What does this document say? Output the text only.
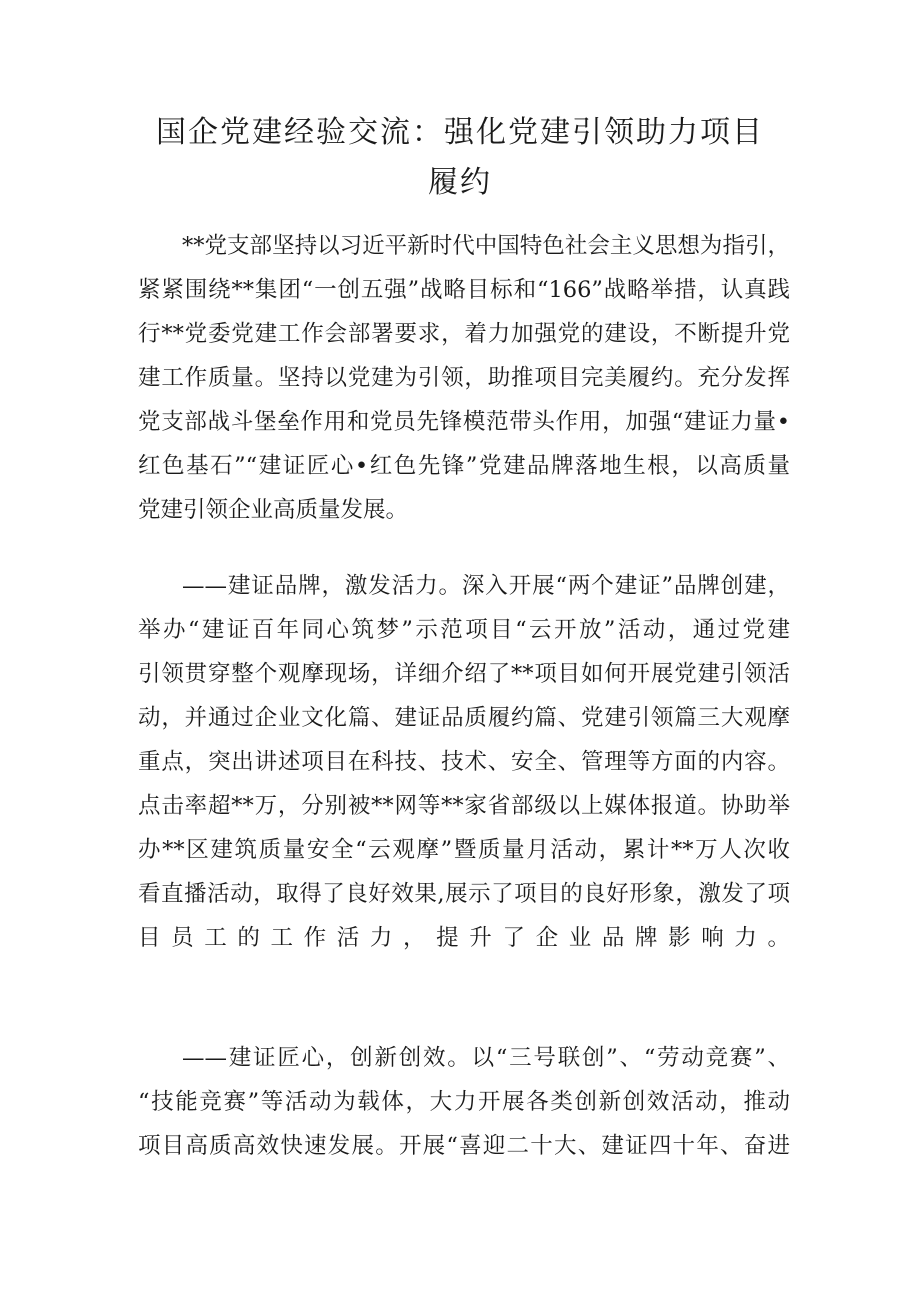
国企党建经验交流：强化党建引领助力项目
履约

**党支部坚持以习近平新时代中国特色社会主义思想为指引，

紧紧围绕**集团“一创五强”战略目标和“166”战略举措，认真践

行**党委党建工作会部署要求，着力加强党的建设，不断提升党

建工作质量。坚持以党建为引领，助推项目完美履约。充分发挥

党支部战斗堡垒作用和党员先锋模范带头作用，加强“建证力量•

红色基石”“建证匠心•红色先锋”党建品牌落地生根，以高质量

党建引领企业高质量发展。

——建证品牌，激发活力。深入开展“两个建证”品牌创建，

举办“建证百年同心筑梦”示范项目“云开放”活动，通过党建

引领贯穿整个观摩现场，详细介绍了**项目如何开展党建引领活

动，并通过企业文化篇、建证品质履约篇、党建引领篇三大观摩

重点，突出讲述项目在科技、技术、安全、管理等方面的内容。

点击率超**万，分别被**网等**家省部级以上媒体报道。协助举

办**区建筑质量安全“云观摩”暨质量月活动，累计**万人次收

看直播活动，取得了良好效果,展示了项目的良好形象，激发了项

目员工的工作活力，提升了企业品牌影响力。

——建证匠心，创新创效。以“三号联创”、“劳动竞赛”、

“技能竞赛”等活动为载体，大力开展各类创新创效活动，推动

项目高质高效快速发展。开展“喜迎二十大、建证四十年、奋进
